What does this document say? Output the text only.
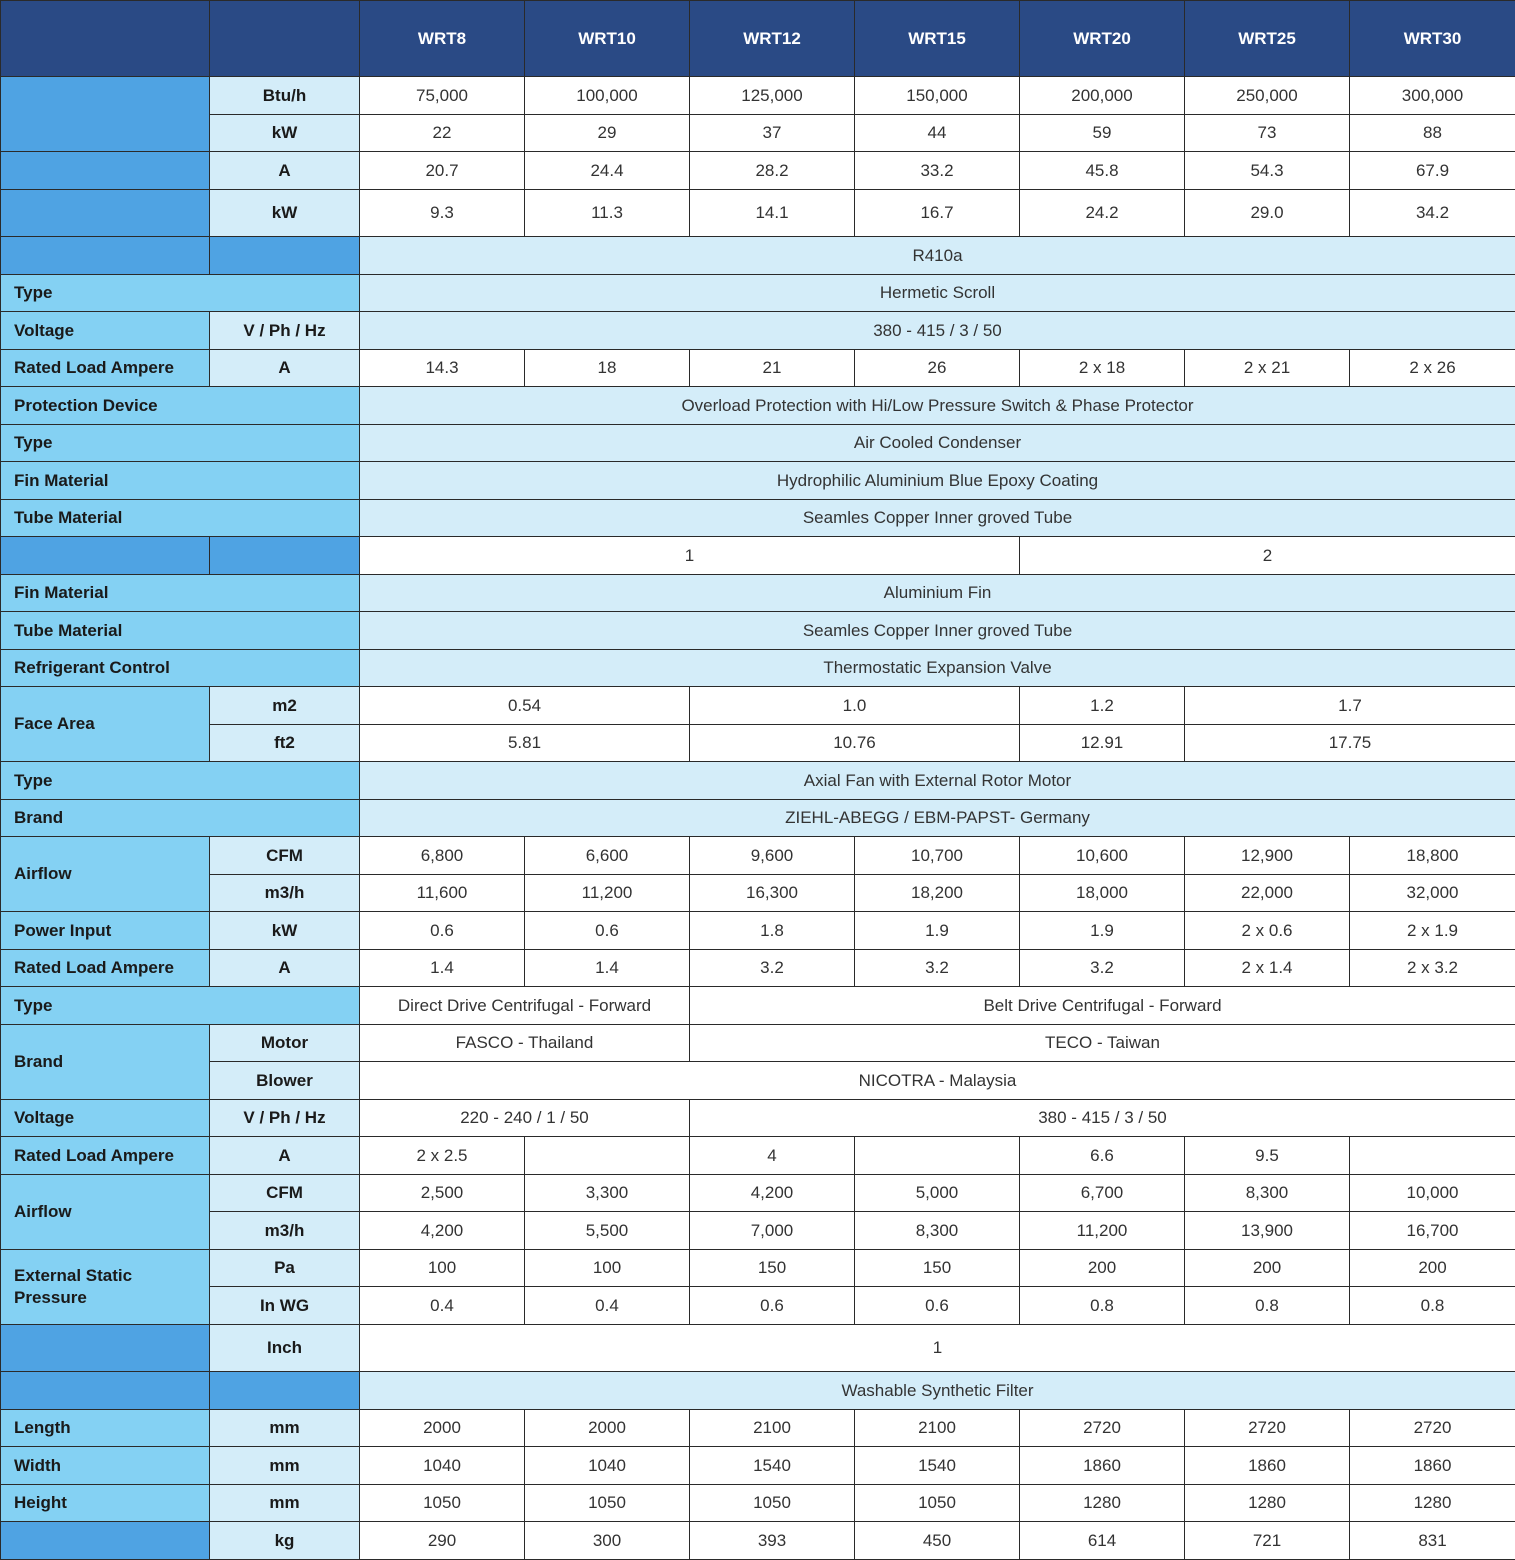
		WRT8	WRT10	WRT12	WRT15	WRT20	WRT25	WRT30
	Btu/h	75,000	100,000	125,000	150,000	200,000	250,000	300,000
	kW	22	29	37	44	59	73	88
	A	20.7	24.4	28.2	33.2	45.8	54.3	67.9
	kW	9.3	11.3	14.1	16.7	24.2	29.0	34.2
		R410a						
Type		Hermetic Scroll						
Voltage	V / Ph / Hz	380 - 415 / 3 / 50						
Rated Load Ampere	A	14.3	18	21	26	2 x 18	2 x 21	2 x 26
Protection Device		Overload Protection with Hi/Low Pressure Switch & Phase Protector						
Type		Air Cooled Condenser						
Fin Material		Hydrophilic Aluminium Blue Epoxy Coating						
Tube Material		Seamles Copper Inner groved Tube						
		1				2		
Fin Material		Aluminium Fin						
Tube Material		Seamles Copper Inner groved Tube						
Refrigerant Control		Thermostatic Expansion Valve						
Face Area	m2	0.54		1.0		1.2	1.7	
	ft2	5.81		10.76		12.91	17.75	
Type		Axial Fan with External Rotor Motor						
Brand		ZIEHL-ABEGG / EBM-PAPST- Germany						
Airflow	CFM	6,800	6,600	9,600	10,700	10,600	12,900	18,800
	m3/h	11,600	11,200	16,300	18,200	18,000	22,000	32,000
Power Input	kW	0.6	0.6	1.8	1.9	1.9	2 x 0.6	2 x 1.9
Rated Load Ampere	A	1.4	1.4	3.2	3.2	3.2	2 x 1.4	2 x 3.2
Type		Direct Drive Centrifugal - Forward		Belt Drive Centrifugal - Forward				
Brand	Motor	FASCO - Thailand		TECO - Taiwan				
	Blower	NICOTRA - Malaysia						
Voltage	V / Ph / Hz	220 - 240 / 1 / 50		380 - 415 / 3 / 50				
Rated Load Ampere	A	2 x 2.5		4		6.6	9.5	
Airflow	CFM	2,500	3,300	4,200	5,000	6,700	8,300	10,000
	m3/h	4,200	5,500	7,000	8,300	11,200	13,900	16,700
External Static Pressure	Pa	100	100	150	150	200	200	200
	In WG	0.4	0.4	0.6	0.6	0.8	0.8	0.8
	Inch	1						
		Washable Synthetic Filter						
Length	mm	2000	2000	2100	2100	2720	2720	2720
Width	mm	1040	1040	1540	1540	1860	1860	1860
Height	mm	1050	1050	1050	1050	1280	1280	1280
	kg	290	300	393	450	614	721	831
